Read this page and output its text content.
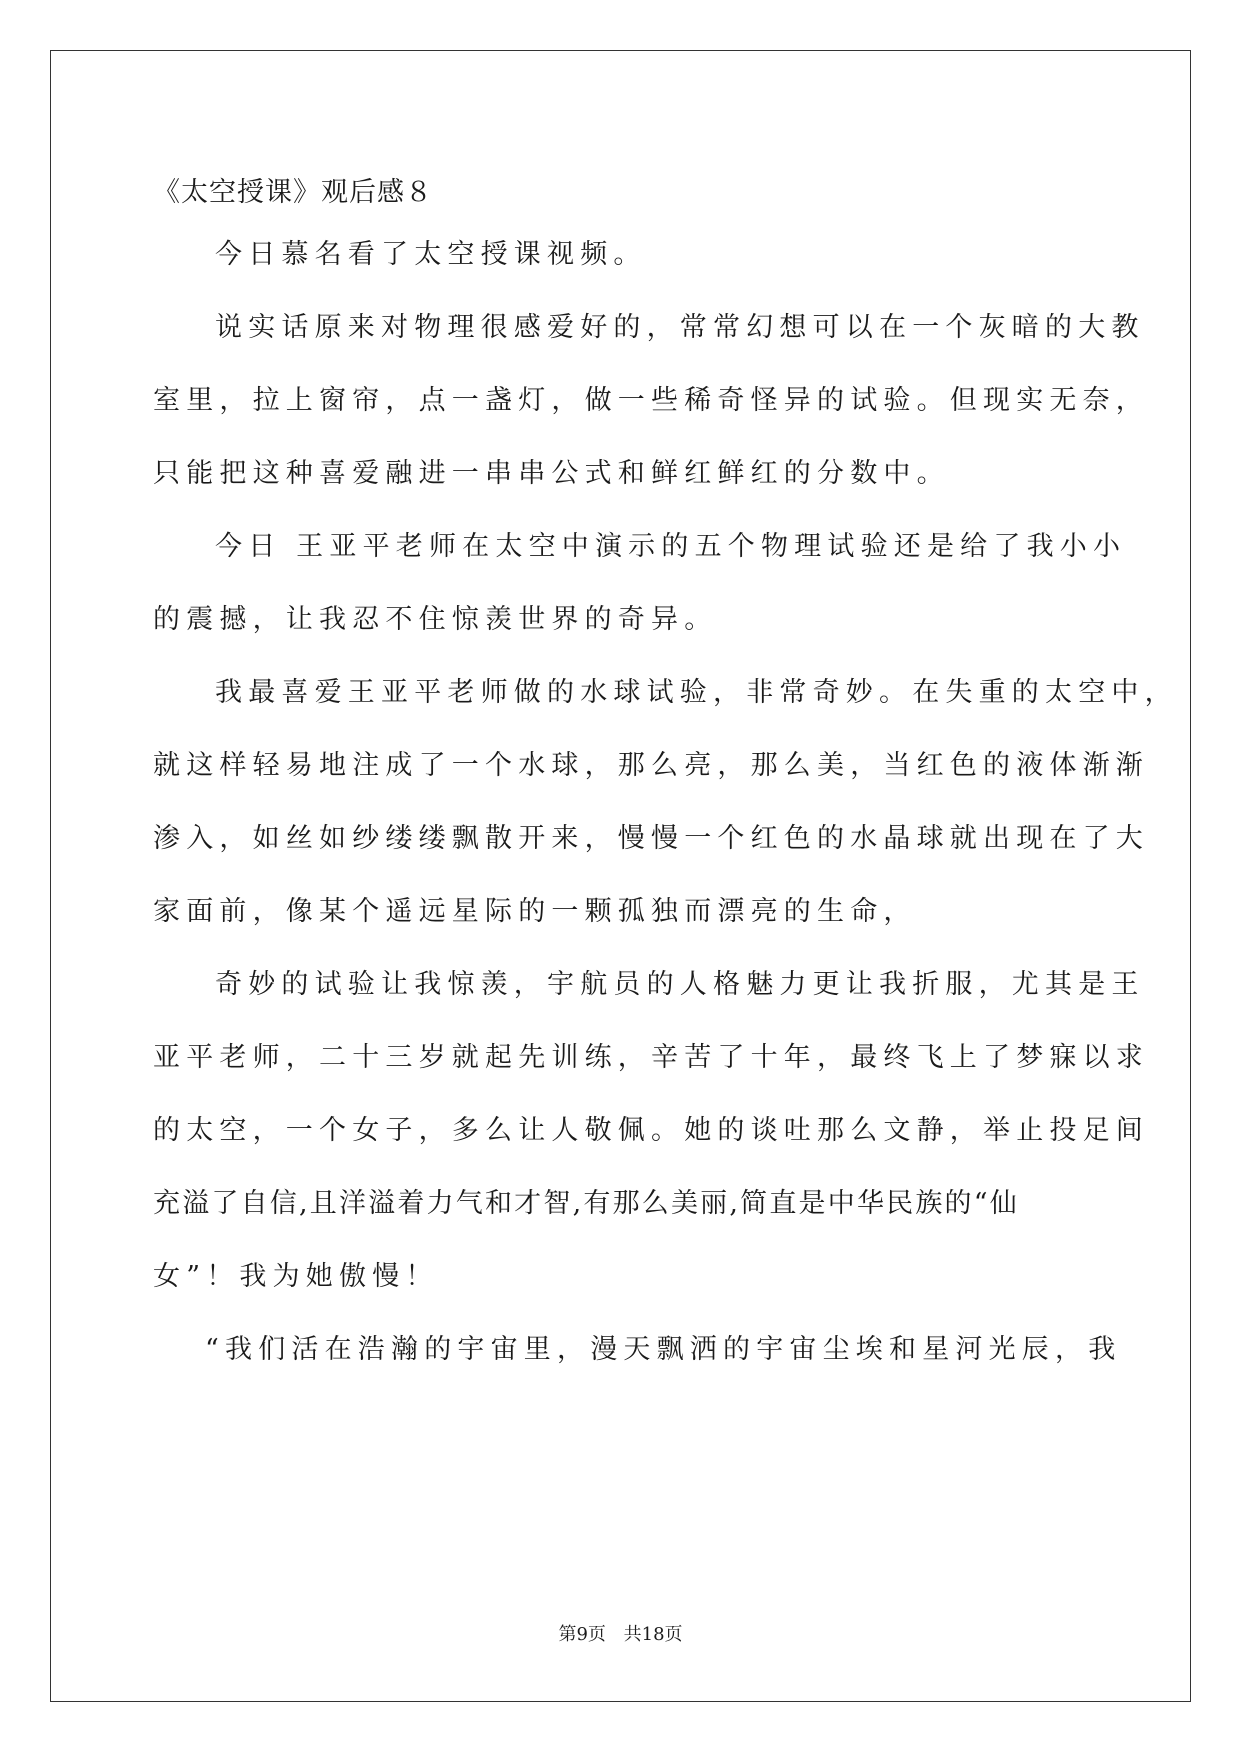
《太空授课》观后感８
今日慕名看了太空授课视频。
说实话原来对物理很感爱好的，常常幻想可以在一个灰暗的大教
室里，拉上窗帘，点一盏灯，做一些稀奇怪异的试验。但现实无奈，
只能把这种喜爱融进一串串公式和鲜红鲜红的分数中。
今日 王亚平老师在太空中演示的五个物理试验还是给了我小小
的震撼，让我忍不住惊羡世界的奇异。
我最喜爱王亚平老师做的水球试验，非常奇妙。在失重的太空中，
就这样轻易地注成了一个水球，那么亮，那么美，当红色的液体渐渐
渗入，如丝如纱缕缕飘散开来，慢慢一个红色的水晶球就出现在了大
家面前，像某个遥远星际的一颗孤独而漂亮的生命，
奇妙的试验让我惊羡，宇航员的人格魅力更让我折服，尤其是王
亚平老师，二十三岁就起先训练，辛苦了十年，最终飞上了梦寐以求
的太空，一个女子，多么让人敬佩。她的谈吐那么文静，举止投足间
充溢了自信,且洋溢着力气和才智,有那么美丽,简直是中华民族的“仙
女”！我为她傲慢！
“我们活在浩瀚的宇宙里，漫天飘洒的宇宙尘埃和星河光辰，我
第9页 共18页
